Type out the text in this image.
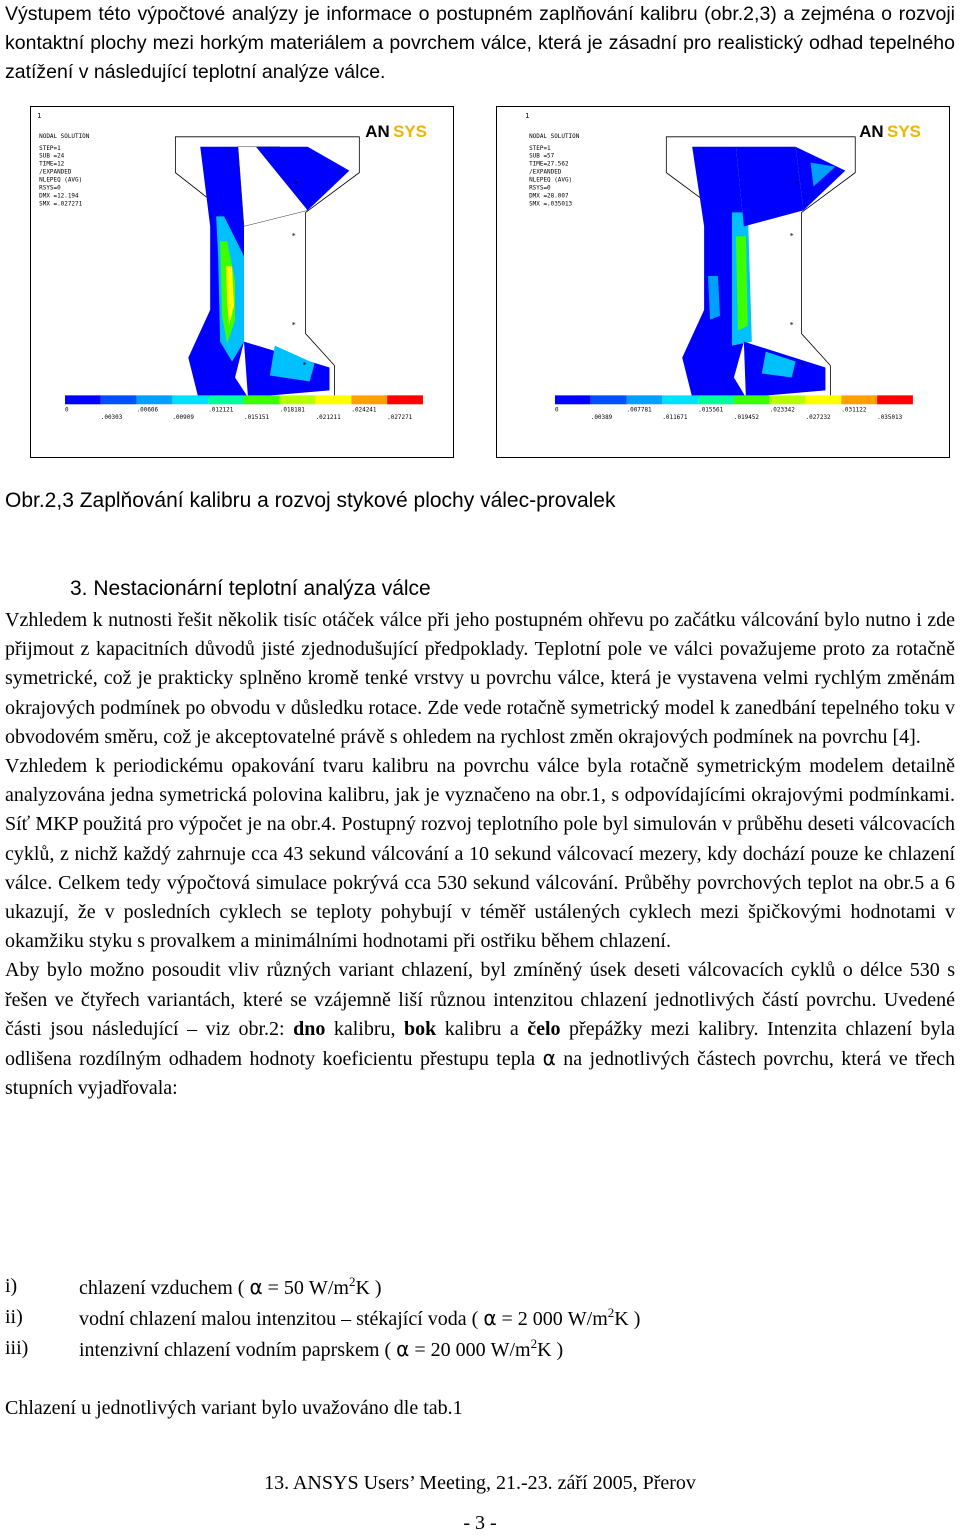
Výstupem této výpočtové analýzy je informace o postupném zaplňování kalibru (obr.2,3) a zejména o rozvoji kontaktní plochy mezi horkým materiálem a povrchem válce, která je zásadní pro realistický odhad tepelného zatížení v následující teplotní analýze válce.

1
NODAL SOLUTION
STEP=1
SUB =24
TIME=12
/EXPANDED
NLEPEQ (AVG)
RSYS=0
DMX =12.194
SMX =.027271
AN SYS
*
*
*
*
0	.00606	.012121	.018181	.024241
.00303	.00909	.015151	.021211	.027271
1
NODAL SOLUTION
STEP=1
SUB =57
TIME=27.562
/EXPANDED
NLEPEQ (AVG)
RSYS=0
DMX =28.007
SMX =.035013
AN SYS
*
*
*
*
0	.007781	.015561	.023342	.031122
.00389	.011671	.019452	.027232	.035013

Obr.2,3 Zaplňování kalibru a rozvoj stykové plochy válec-provalek

3. Nestacionární teplotní analýza válce

Vzhledem k nutnosti řešit několik tisíc otáček válce při jeho postupném ohřevu po začátku válcování bylo nutno i zde přijmout z kapacitních důvodů jisté zjednodušující předpoklady. Teplotní pole ve válci považujeme proto za rotačně symetrické, což je prakticky splněno kromě tenké vrstvy u povrchu válce, která je vystavena velmi rychlým změnám okrajových podmínek po obvodu v důsledku rotace. Zde vede rotačně symetrický model k zanedbání tepelného toku v obvodovém směru, což je akceptovatelné právě s ohledem na rychlost změn okrajových podmínek na povrchu [4].
Vzhledem k periodickému opakování tvaru kalibru na povrchu válce byla rotačně symetrickým modelem detailně analyzována jedna symetrická polovina kalibru, jak je vyznačeno na obr.1, s odpovídajícími okrajovými podmínkami. Síť MKP použitá pro výpočet je na obr.4. Postupný rozvoj teplotního pole byl simulován v průběhu deseti válcovacích cyklů, z nichž každý zahrnuje cca 43 sekund válcování a 10 sekund válcovací mezery, kdy dochází pouze ke chlazení válce. Celkem tedy výpočtová simulace pokrývá cca 530 sekund válcování. Průběhy povrchových teplot na obr.5 a 6 ukazují, že v posledních cyklech se teploty pohybují v téměř ustálených cyklech mezi špičkovými hodnotami v okamžiku styku s provalkem a minimálními hodnotami při ostřiku během chlazení.
Aby bylo možno posoudit vliv různých variant chlazení, byl zmíněný úsek deseti válcovacích cyklů o délce 530 s řešen ve čtyřech variantách, které se vzájemně liší různou intenzitou chlazení jednotlivých částí povrchu. Uvedené části jsou následující – viz obr.2: dno kalibru, bok kalibru a čelo přepážky mezi kalibry. Intenzita chlazení byla odlišena rozdílným odhadem hodnoty koeficientu přestupu tepla α na jednotlivých částech povrchu, která ve třech stupních vyjadřovala:
i)	chlazení vzduchem ( α = 50 $W/m^2K$ )
ii)	vodní chlazení malou intenzitou – stékající voda ( α = 2 000 $W/m^2K$ )
iii)	intenzivní chlazení vodním paprskem ( α = 20 000 $W/m^2K$ )

Chlazení u jednotlivých variant bylo uvažováno dle tab.1

13. ANSYS Users’ Meeting, 21.-23. září 2005, Přerov

- 3 -
